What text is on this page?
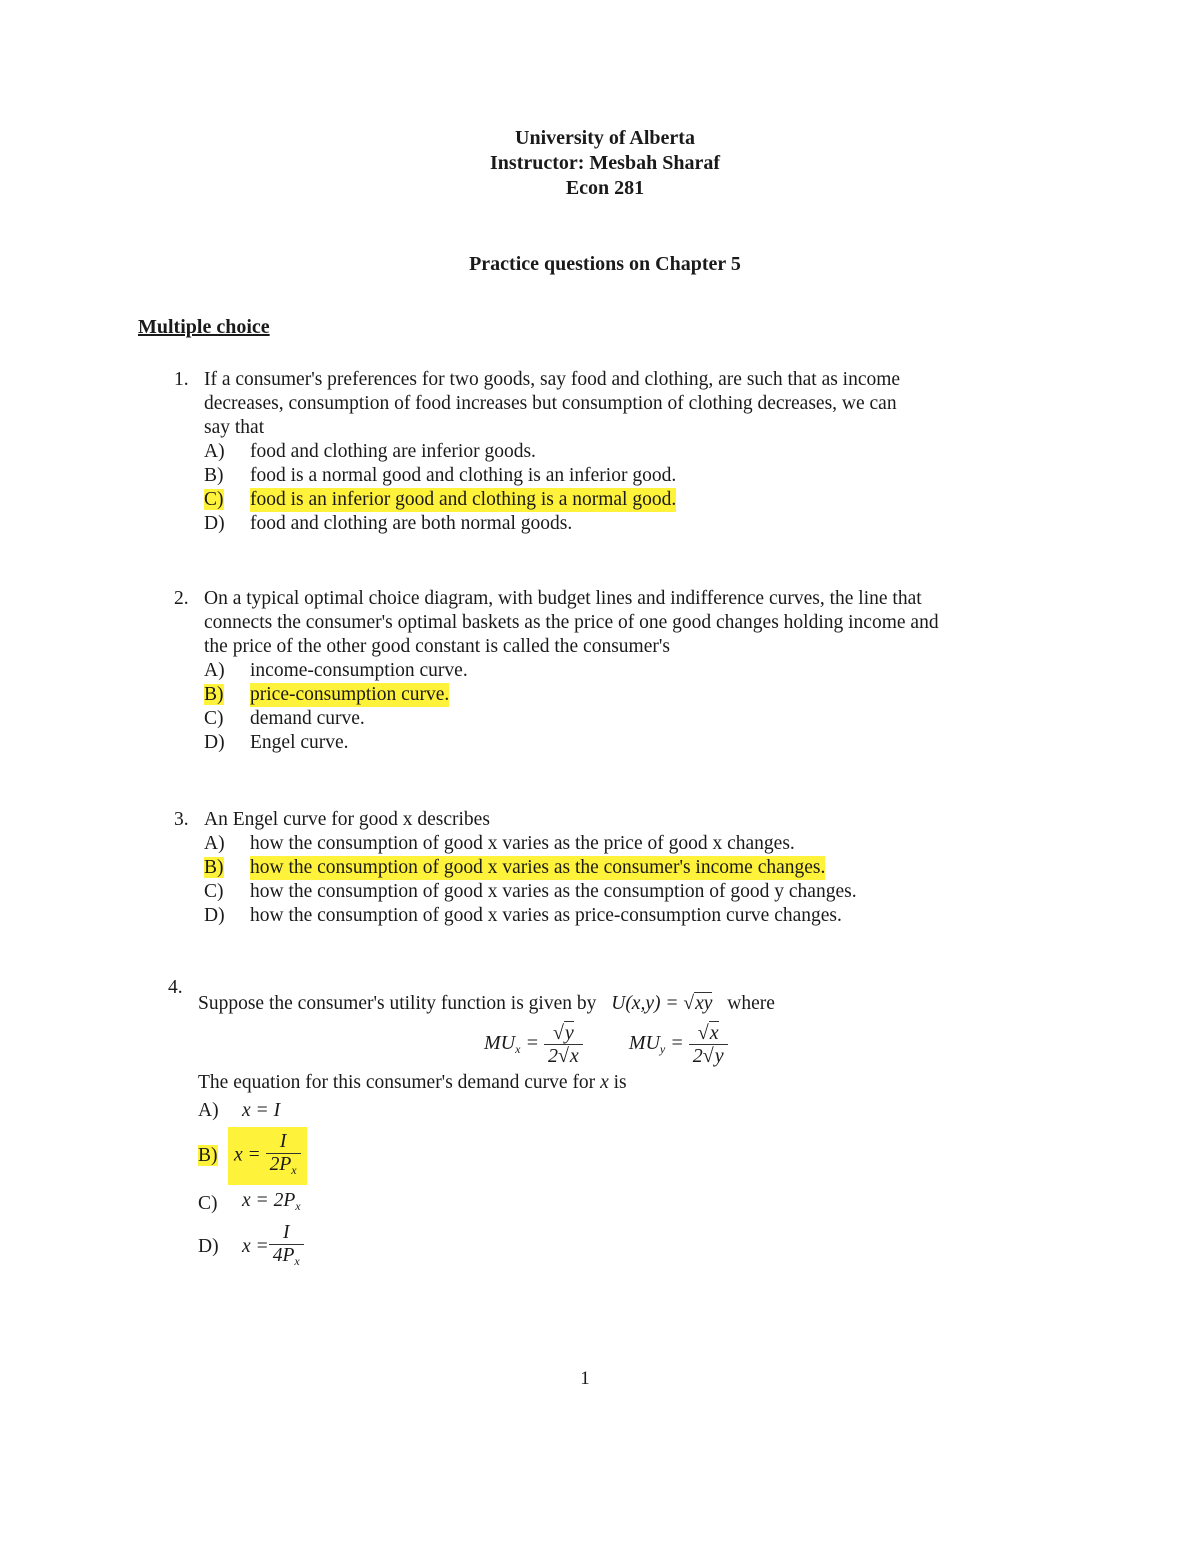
University of Alberta
Instructor: Mesbah Sharaf
Econ 281
Practice questions on Chapter 5
Multiple choice
1. If a consumer's preferences for two goods, say food and clothing, are such that as income decreases, consumption of food increases but consumption of clothing decreases, we can say that
A)	food and clothing are inferior goods.
B)	food is a normal good and clothing is an inferior good.
C)	food is an inferior good and clothing is a normal good.
D)	food and clothing are both normal goods.
2. On a typical optimal choice diagram, with budget lines and indifference curves, the line that connects the consumer's optimal baskets as the price of one good changes holding income and the price of the other good constant is called the consumer's
A)	income-consumption curve.
B)	price-consumption curve.
C)	demand curve.
D)	Engel curve.
3. An Engel curve for good x describes
A)	how the consumption of good x varies as the price of good x changes.
B)	how the consumption of good x varies as the consumer's income changes.
C)	how the consumption of good x varies as the consumption of good y changes.
D)	how the consumption of good x varies as price-consumption curve changes.
4.
Suppose the consumer's utility function is given by U(x,y) = √xy where
$MU_x = \frac{√y}{2√x} MU_y = \frac{√x}{2√y}$
The equation for this consumer's demand curve for x is
A)	x = I
B) $x = \frac{I}{2P_x}$
C)	$x = 2P_x$
D)	$x = \frac{I}{4P_x}$
1
